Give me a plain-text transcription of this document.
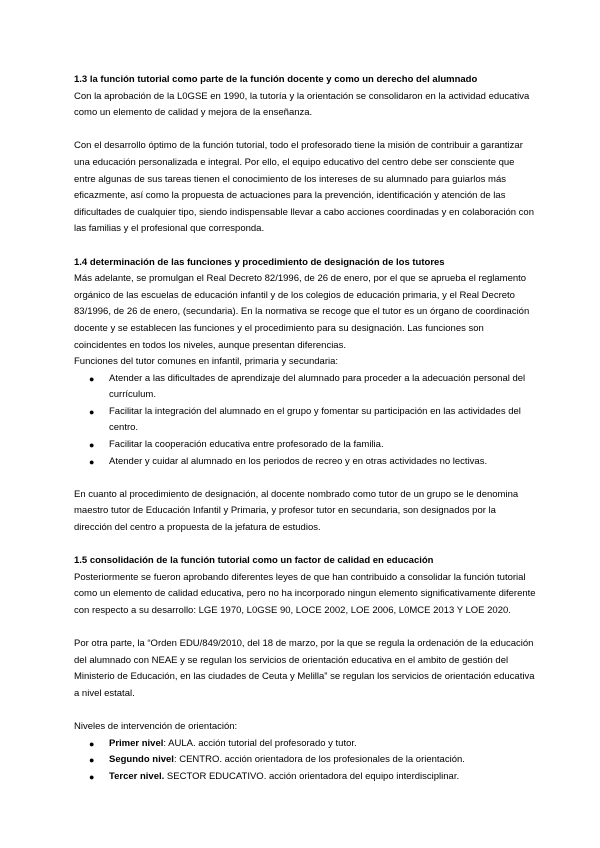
1.3 la función tutorial como parte de la función docente y como un derecho del alumnado

Con la aprobación de la L0GSE en 1990, la tutoría y la orientación se consolidaron en la actividad educativa como un elemento de calidad y mejora de la enseñanza.

Con el desarrollo óptimo de la función tutorial, todo el profesorado tiene la misión de contribuir a garantizar una educación personalizada e integral. Por ello, el equipo educativo del centro debe ser consciente que entre algunas de sus tareas tienen el conocimiento de los intereses de su alumnado para guiarlos más eficazmente, así como la propuesta de actuaciones para la prevención, identificación y atención de las dificultades de cualquier tipo, siendo indispensable llevar a cabo acciones coordinadas y en colaboración con las familias y el profesional que corresponda.

1.4 determinación de las funciones y procedimiento de designación de los tutores

Más adelante, se promulgan el Real Decreto 82/1996, de 26 de enero, por el que se aprueba el reglamento orgánico de las escuelas de educación infantil y de los colegios de educación primaria, y el Real Decreto 83/1996, de 26 de enero, (secundaria). En la normativa se recoge que el tutor es un órgano de coordinación docente y se establecen las funciones y el procedimiento para su designación. Las funciones son coincidentes en todos los niveles, aunque presentan diferencias.

Funciones del tutor comunes en infantil, primaria y secundaria:

● Atender a las dificultades de aprendizaje del alumnado para proceder a la adecuación personal del currículum.
● Facilitar la integración del alumnado en el grupo y fomentar su participación en las actividades del centro.
● Facilitar la cooperación educativa entre profesorado de la familia.
● Atender y cuidar al alumnado en los periodos de recreo y en otras actividades no lectivas.

En cuanto al procedimiento de designación, al docente nombrado como tutor de un grupo se le denomina maestro tutor de Educación Infantil y Primaria, y profesor tutor en secundaria, son designados por la dirección del centro a propuesta de la jefatura de estudios.

1.5 consolidación de la función tutorial como un factor de calidad en educación

Posteriormente se fueron aprobando diferentes leyes de que han contribuido a consolidar la función tutorial como un elemento de calidad educativa, pero no ha incorporado ningun elemento significativamente diferente con respecto a su desarrollo: LGE 1970, L0GSE 90, LOCE 2002, LOE 2006, L0MCE 2013 Y LOE 2020.

Por otra parte, la “Orden EDU/849/2010, del 18 de marzo, por la que se regula la ordenación de la educación del alumnado con NEAE y se regulan los servicios de orientación educativa en el ambito de gestión del Ministerio de Educación, en las ciudades de Ceuta y Melilla” se regulan los servicios de orientación educativa a nivel estatal.

Niveles de intervención de orientación:

● Primer nivel: AULA. acción tutorial del profesorado y tutor.
● Segundo nivel: CENTRO. acción orientadora de los profesionales de la orientación.
● Tercer nivel. SECTOR EDUCATIVO. acción orientadora del equipo interdisciplinar.
